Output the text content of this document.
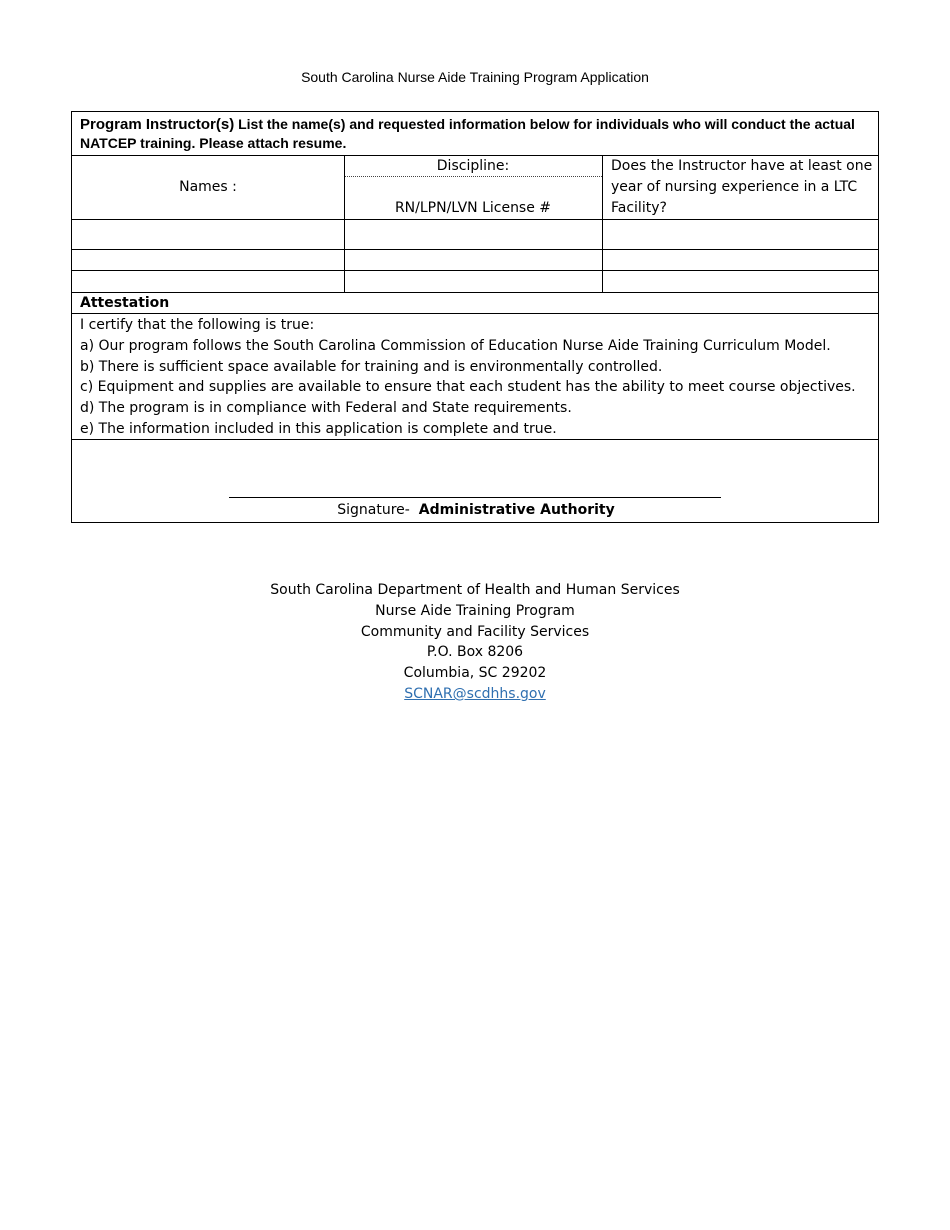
South Carolina Nurse Aide Training Program Application
Program Instructor(s) List the name(s) and requested information below for individuals who will conduct the actual NATCEP training. Please attach resume.
Names :
Discipline:
RN/LPN/LVN License #
Does the Instructor have at least one year of nursing experience in a LTC Facility?
Attestation
I certify that the following is true:
a) Our program follows the South Carolina Commission of Education Nurse Aide Training Curriculum Model.
b) There is sufficient space available for training and is environmentally controlled.
c) Equipment and supplies are available to ensure that each student has the ability to meet course objectives.
d) The program is in compliance with Federal and State requirements.
e) The information included in this application is complete and true.
Signature-  Administrative Authority
South Carolina Department of Health and Human Services
Nurse Aide Training Program
Community and Facility Services
P.O. Box 8206
Columbia, SC 29202
SCNAR@scdhhs.gov
